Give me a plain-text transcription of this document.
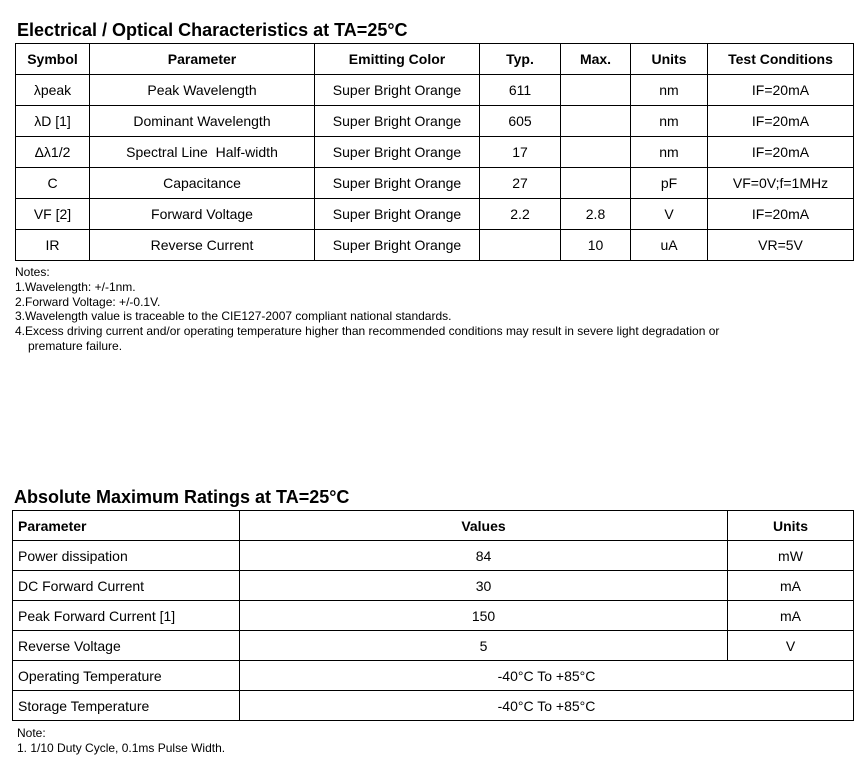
Electrical / Optical Characteristics at TA=25°C
Symbol	Parameter	Emitting Color	Typ.	Max.	Units	Test Conditions
λpeak	Peak Wavelength	Super Bright Orange	611		nm	IF=20mA
λD [1]	Dominant Wavelength	Super Bright Orange	605		nm	IF=20mA
Δλ1/2	Spectral Line  Half-width	Super Bright Orange	17		nm	IF=20mA
C	Capacitance	Super Bright Orange	27		pF	VF=0V;f=1MHz
VF [2]	Forward Voltage	Super Bright Orange	2.2	2.8	V	IF=20mA
IR	Reverse Current	Super Bright Orange		10	uA	VR=5V
Notes:
1.Wavelength: +/-1nm.
2.Forward Voltage: +/-0.1V.
3.Wavelength value is traceable to the CIE127-2007 compliant national standards.
4.Excess driving current and/or operating temperature higher than recommended conditions may result in severe light degradation or
premature failure.
Absolute Maximum Ratings at TA=25°C
Parameter	Values	Units
Power dissipation	84	mW
DC Forward Current	30	mA
Peak Forward Current [1]	150	mA
Reverse Voltage	5	V
Operating Temperature	-40°C To +85°C	
Storage Temperature	-40°C To +85°C	
Note:
1. 1/10 Duty Cycle, 0.1ms Pulse Width.
